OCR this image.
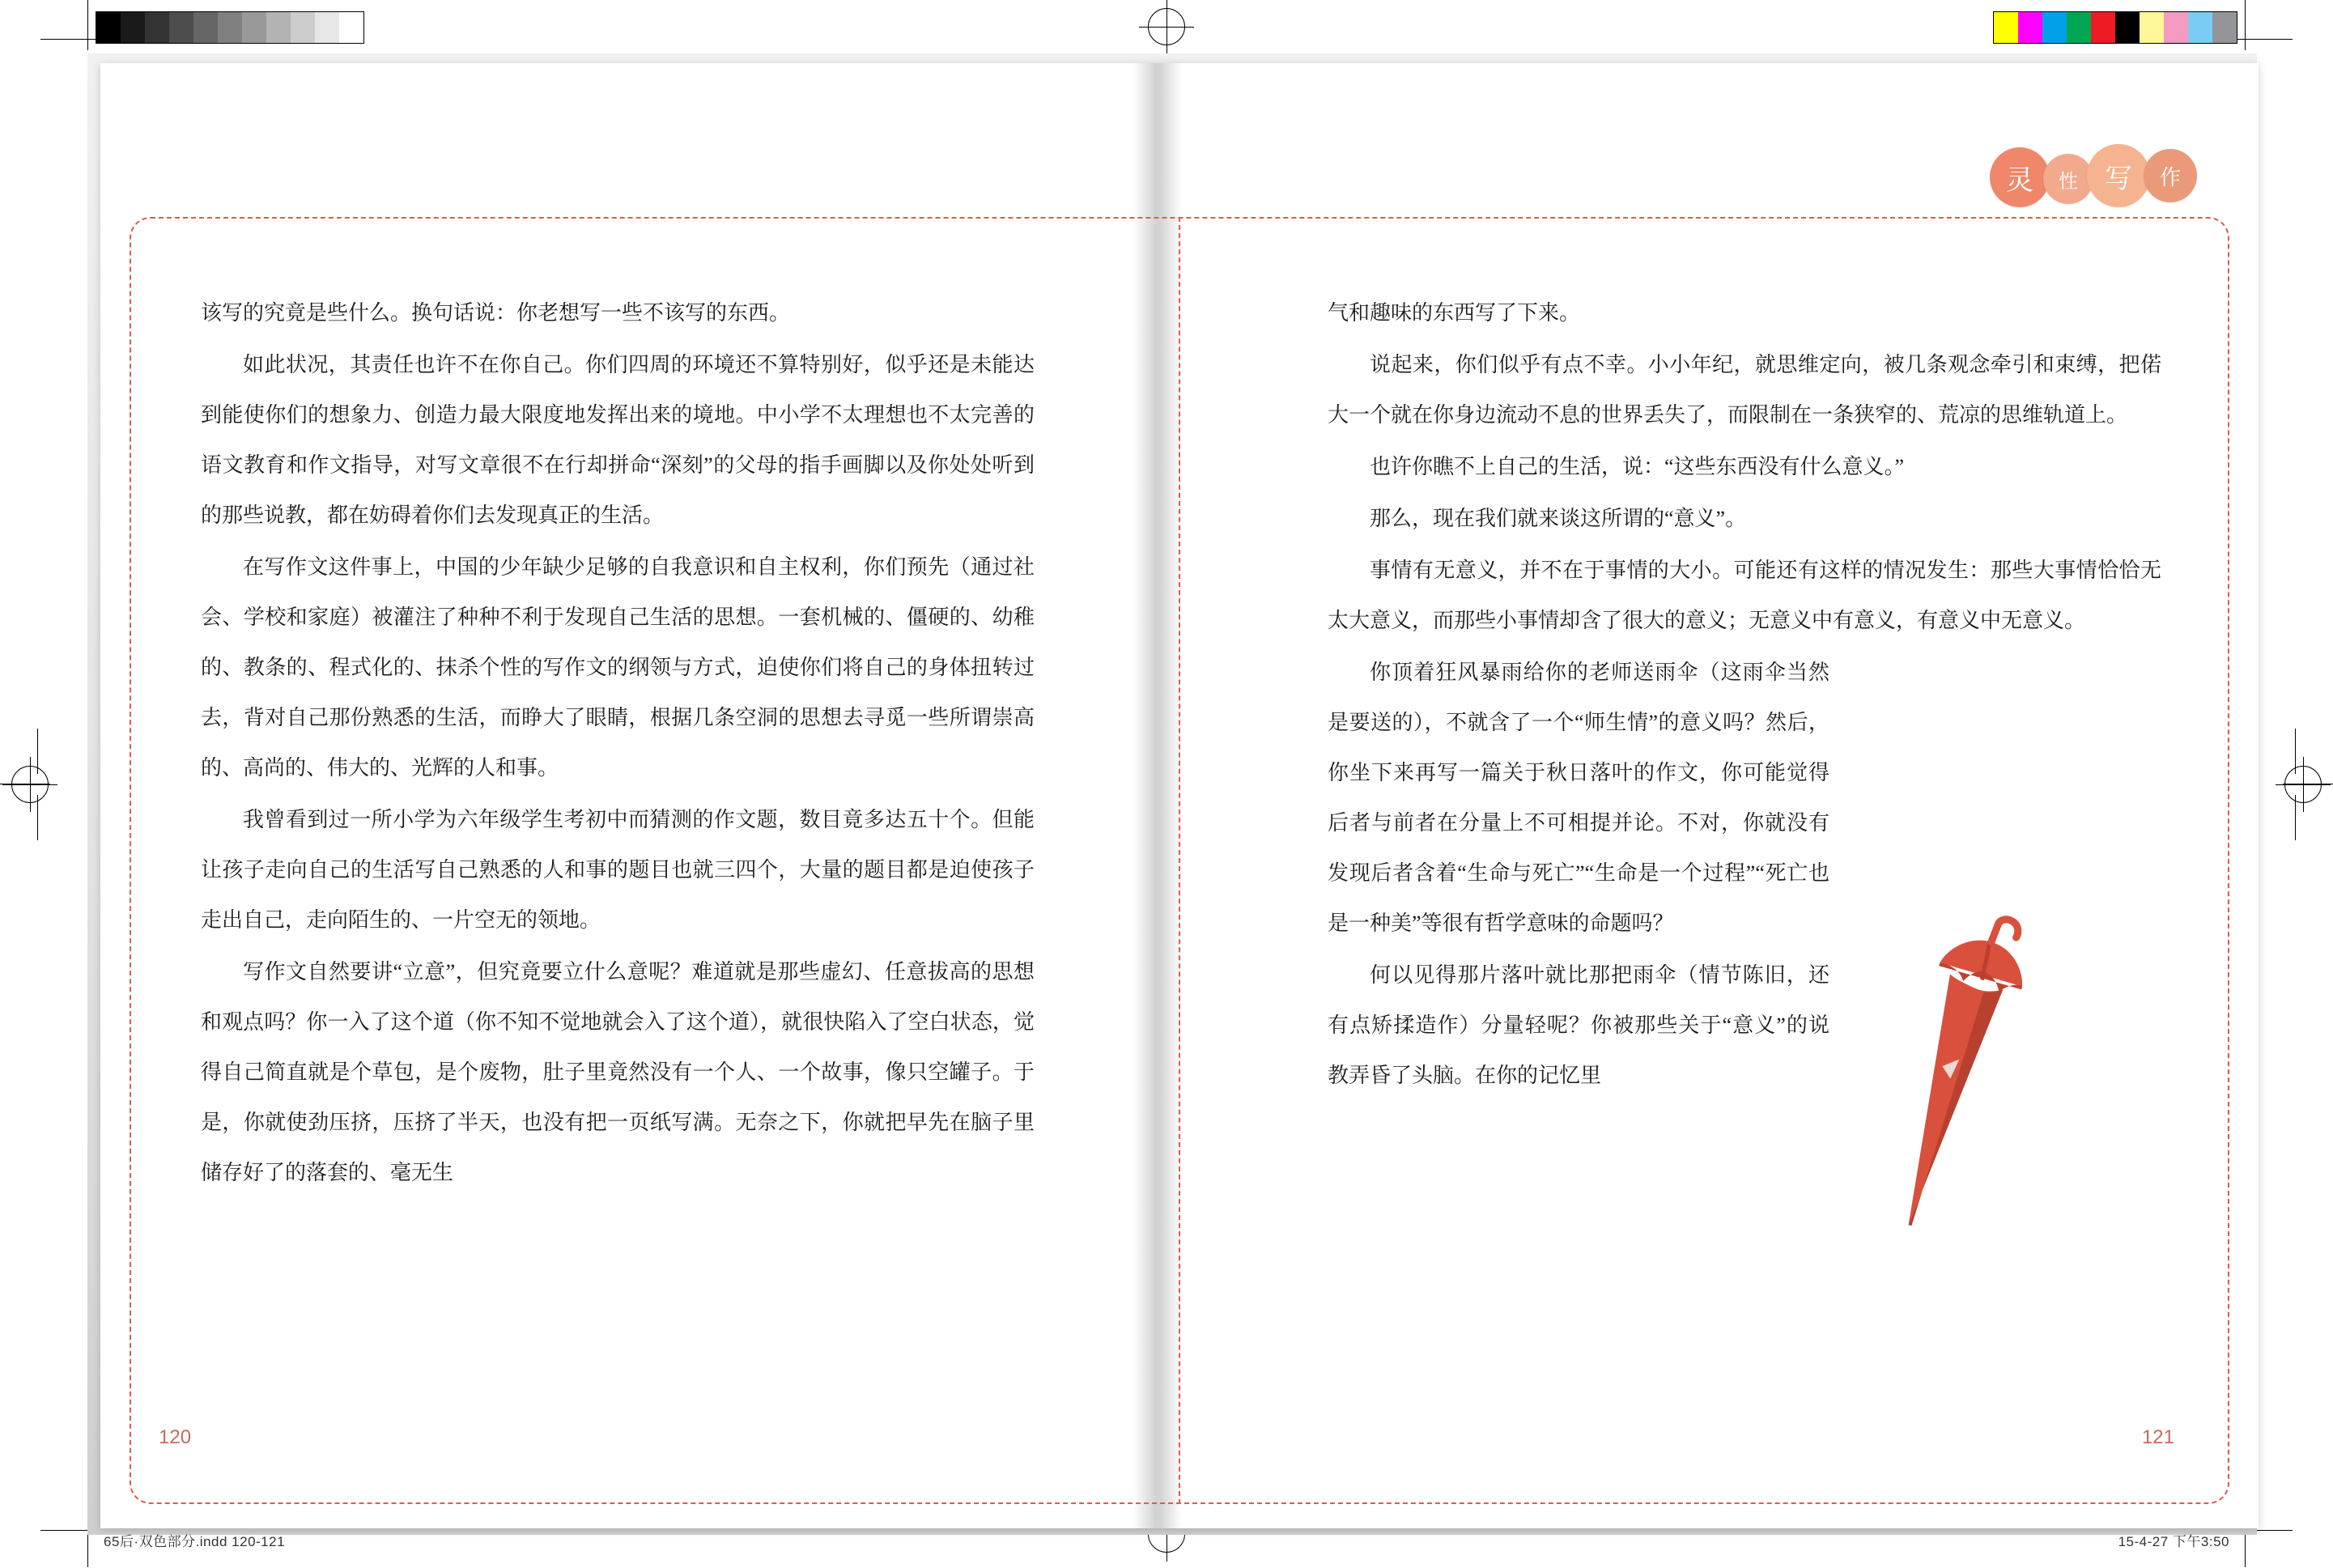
灵	性 写	作

该写的究竟是些什么。换句话说：你老想写一些不该写的东西。

如此状况，其责任也许不在你自己。你们四周的环境还不算特别好，似乎还是未能达到能使你们的想象力、创造力最大限度地发挥出来的境地。中小学不太理想也不太完善的语文教育和作文指导，对写文章很不在行却拼命“深刻”的父母的指手画脚以及你处处听到的那些说教，都在妨碍着你们去发现真正的生活。

在写作文这件事上，中国的少年缺少足够的自我意识和自主权利，你们预先（通过社会、学校和家庭）被灌注了种种不利于发现自己生活的思想。一套机械的、僵硬的、幼稚的、教条的、程式化的、抹杀个性的写作文的纲领与方式，迫使你们将自己的身体扭转过去，背对自己那份熟悉的生活，而睁大了眼睛，根据几条空洞的思想去寻觅一些所谓崇高的、高尚的、伟大的、光辉的人和事。

我曾看到过一所小学为六年级学生考初中而猜测的作文题，数目竟多达五十个。但能让孩子走向自己的生活写自己熟悉的人和事的题目也就三四个，大量的题目都是迫使孩子走出自己，走向陌生的、一片空无的领地。

写作文自然要讲“立意”，但究竟要立什么意呢？难道就是那些虚幻、任意拔高的思想和观点吗？你一入了这个道（你不知不觉地就会入了这个道），就很快陷入了空白状态，觉得自己简直就是个草包，是个废物，肚子里竟然没有一个人、一个故事，像只空罐子。于是，你就使劲压挤，压挤了半天，也没有把一页纸写满。无奈之下，你就把早先在脑子里储存好了的落套的、毫无生

120

气和趣味的东西写了下来。

说起来，你们似乎有点不幸。小小年纪，就思维定向，被几条观念牵引和束缚，把偌大一个就在你身边流动不息的世界丢失了，而限制在一条狭窄的、荒凉的思维轨道上。

也许你瞧不上自己的生活，说：“这些东西没有什么意义。”

那么，现在我们就来谈这所谓的“意义”。

事情有无意义，并不在于事情的大小。可能还有这样的情况发生：那些大事情恰恰无太大意义，而那些小事情却含了很大的意义；无意义中有意义，有意义中无意义。

你顶着狂风暴雨给你的老师送雨伞（这雨伞当然是要送的），不就含了一个“师生情”的意义吗？然后，你坐下来再写一篇关于秋日落叶的作文，你可能觉得后者与前者在分量上不可相提并论。不对，你就没有发现后者含着“生命与死亡”“生命是一个过程”“死亡也是一种美”等很有哲学意味的命题吗？

何以见得那片落叶就比那把雨伞（情节陈旧，还有点矫揉造作）分量轻呢？你被那些关于“意义”的说教弄昏了头脑。在你的记忆里

121
65后·双色部分.indd 120-121	15-4-27 下午3:50
